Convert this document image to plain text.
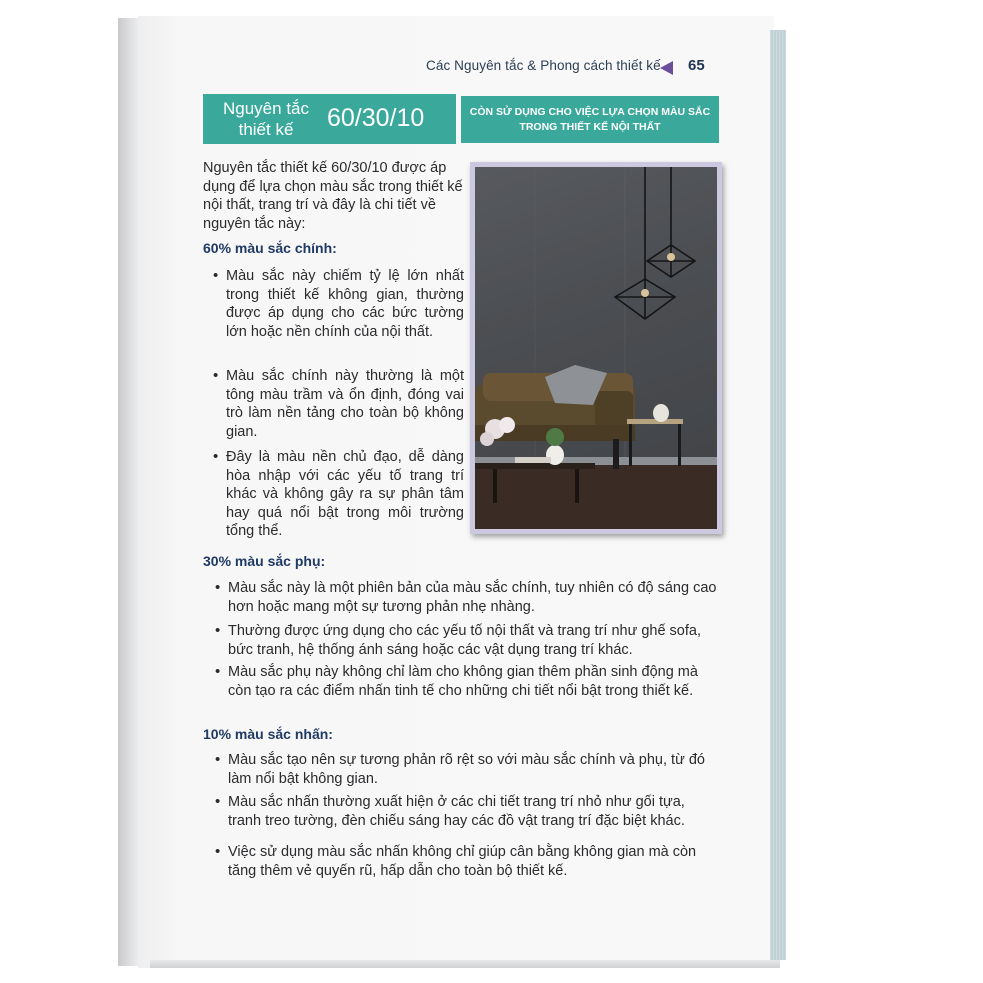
Các Nguyên tắc & Phong cách thiết kế 65
Nguyên tắc thiết kế	60/30/10	CÒN SỬ DỤNG CHO VIỆC LỰA CHỌN MÀU SẮC TRONG THIẾT KẾ NỘI THẤT
Nguyên tắc thiết kế 60/30/10 được áp dụng để lựa chọn màu sắc trong thiết kế nội thất, trang trí và đây là chi tiết về nguyên tắc này:
60% màu sắc chính:
• Màu sắc này chiếm tỷ lệ lớn nhất trong thiết kế không gian, thường được áp dụng cho các bức tường lớn hoặc nền chính của nội thất.
• Màu sắc chính này thường là một tông màu trầm và ổn định, đóng vai trò làm nền tảng cho toàn bộ không gian.
• Đây là màu nền chủ đạo, dễ dàng hòa nhập với các yếu tố trang trí khác và không gây ra sự phân tâm hay quá nổi bật trong môi trường tổng thể.
30% màu sắc phụ:
• Màu sắc này là một phiên bản của màu sắc chính, tuy nhiên có độ sáng cao hơn hoặc mang một sự tương phản nhẹ nhàng.
• Thường được ứng dụng cho các yếu tố nội thất và trang trí như ghế sofa, bức tranh, hệ thống ánh sáng hoặc các vật dụng trang trí khác.
• Màu sắc phụ này không chỉ làm cho không gian thêm phần sinh động mà còn tạo ra các điểm nhấn tinh tế cho những chi tiết nổi bật trong thiết kế.
10% màu sắc nhấn:
• Màu sắc tạo nên sự tương phản rõ rệt so với màu sắc chính và phụ, từ đó làm nổi bật không gian.
• Màu sắc nhấn thường xuất hiện ở các chi tiết trang trí nhỏ như gối tựa, tranh treo tường, đèn chiếu sáng hay các đồ vật trang trí đặc biệt khác.
• Việc sử dụng màu sắc nhấn không chỉ giúp cân bằng không gian mà còn tăng thêm vẻ quyến rũ, hấp dẫn cho toàn bộ thiết kế.
